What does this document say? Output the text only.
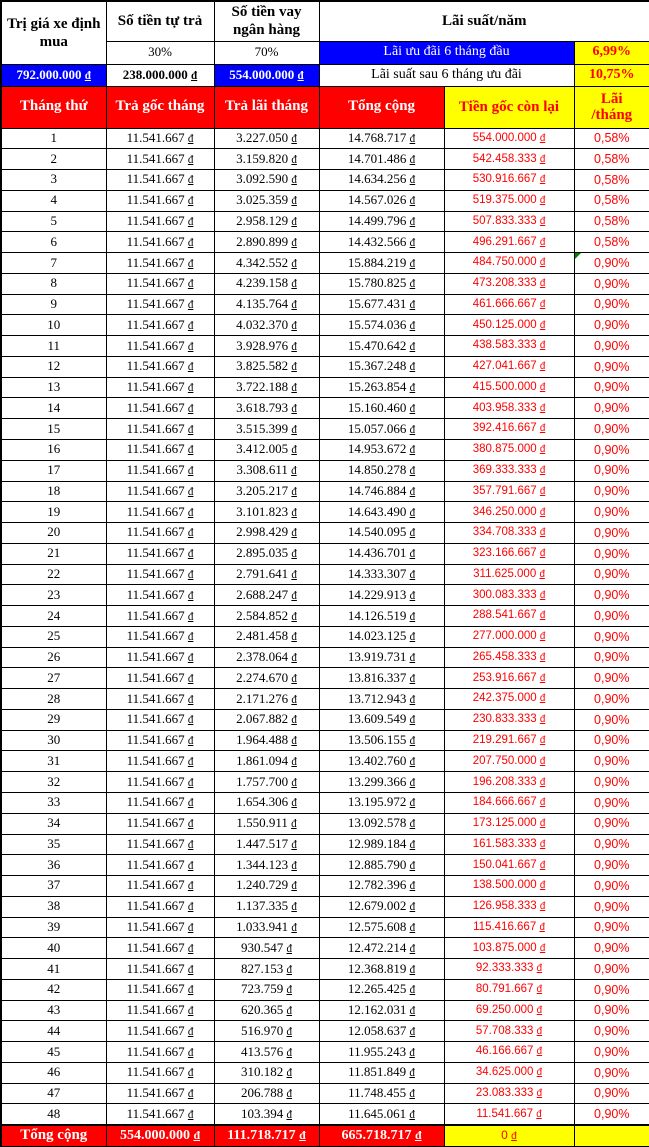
Trị giá xe định mua	Số tiền tự trả	Số tiền vay ngân hàng	Lãi suất/năm		
	30%	70%	Lãi ưu đãi 6 tháng đầu		6,99%
792.000.000 đ	238.000.000 đ	554.000.000 đ	Lãi suất sau 6 tháng ưu đãi		10,75%
Tháng thứ	Trả gốc tháng	Trả lãi tháng	Tổng cộng	Tiền gốc còn lại	Lãi
/tháng

1	11.541.667 đ	3.227.050 đ	14.768.717 đ	554.000.000 đ	0,58%
2	11.541.667 đ	3.159.820 đ	14.701.486 đ	542.458.333 đ	0,58%
3	11.541.667 đ	3.092.590 đ	14.634.256 đ	530.916.667 đ	0,58%
4	11.541.667 đ	3.025.359 đ	14.567.026 đ	519.375.000 đ	0,58%
5	11.541.667 đ	2.958.129 đ	14.499.796 đ	507.833.333 đ	0,58%
6	11.541.667 đ	2.890.899 đ	14.432.566 đ	496.291.667 đ	0,58%
7	11.541.667 đ	4.342.552 đ	15.884.219 đ	484.750.000 đ	0,90%
8	11.541.667 đ	4.239.158 đ	15.780.825 đ	473.208.333 đ	0,90%
9	11.541.667 đ	4.135.764 đ	15.677.431 đ	461.666.667 đ	0,90%
10	11.541.667 đ	4.032.370 đ	15.574.036 đ	450.125.000 đ	0,90%
11	11.541.667 đ	3.928.976 đ	15.470.642 đ	438.583.333 đ	0,90%
12	11.541.667 đ	3.825.582 đ	15.367.248 đ	427.041.667 đ	0,90%
13	11.541.667 đ	3.722.188 đ	15.263.854 đ	415.500.000 đ	0,90%
14	11.541.667 đ	3.618.793 đ	15.160.460 đ	403.958.333 đ	0,90%
15	11.541.667 đ	3.515.399 đ	15.057.066 đ	392.416.667 đ	0,90%
16	11.541.667 đ	3.412.005 đ	14.953.672 đ	380.875.000 đ	0,90%
17	11.541.667 đ	3.308.611 đ	14.850.278 đ	369.333.333 đ	0,90%
18	11.541.667 đ	3.205.217 đ	14.746.884 đ	357.791.667 đ	0,90%
19	11.541.667 đ	3.101.823 đ	14.643.490 đ	346.250.000 đ	0,90%
20	11.541.667 đ	2.998.429 đ	14.540.095 đ	334.708.333 đ	0,90%
21	11.541.667 đ	2.895.035 đ	14.436.701 đ	323.166.667 đ	0,90%
22	11.541.667 đ	2.791.641 đ	14.333.307 đ	311.625.000 đ	0,90%
23	11.541.667 đ	2.688.247 đ	14.229.913 đ	300.083.333 đ	0,90%
24	11.541.667 đ	2.584.852 đ	14.126.519 đ	288.541.667 đ	0,90%
25	11.541.667 đ	2.481.458 đ	14.023.125 đ	277.000.000 đ	0,90%
26	11.541.667 đ	2.378.064 đ	13.919.731 đ	265.458.333 đ	0,90%
27	11.541.667 đ	2.274.670 đ	13.816.337 đ	253.916.667 đ	0,90%
28	11.541.667 đ	2.171.276 đ	13.712.943 đ	242.375.000 đ	0,90%
29	11.541.667 đ	2.067.882 đ	13.609.549 đ	230.833.333 đ	0,90%
30	11.541.667 đ	1.964.488 đ	13.506.155 đ	219.291.667 đ	0,90%
31	11.541.667 đ	1.861.094 đ	13.402.760 đ	207.750.000 đ	0,90%
32	11.541.667 đ	1.757.700 đ	13.299.366 đ	196.208.333 đ	0,90%
33	11.541.667 đ	1.654.306 đ	13.195.972 đ	184.666.667 đ	0,90%
34	11.541.667 đ	1.550.911 đ	13.092.578 đ	173.125.000 đ	0,90%
35	11.541.667 đ	1.447.517 đ	12.989.184 đ	161.583.333 đ	0,90%
36	11.541.667 đ	1.344.123 đ	12.885.790 đ	150.041.667 đ	0,90%
37	11.541.667 đ	1.240.729 đ	12.782.396 đ	138.500.000 đ	0,90%
38	11.541.667 đ	1.137.335 đ	12.679.002 đ	126.958.333 đ	0,90%
39	11.541.667 đ	1.033.941 đ	12.575.608 đ	115.416.667 đ	0,90%
40	11.541.667 đ	930.547 đ	12.472.214 đ	103.875.000 đ	0,90%
41	11.541.667 đ	827.153 đ	12.368.819 đ	92.333.333 đ	0,90%
42	11.541.667 đ	723.759 đ	12.265.425 đ	80.791.667 đ	0,90%
43	11.541.667 đ	620.365 đ	12.162.031 đ	69.250.000 đ	0,90%
44	11.541.667 đ	516.970 đ	12.058.637 đ	57.708.333 đ	0,90%
45	11.541.667 đ	413.576 đ	11.955.243 đ	46.166.667 đ	0,90%
46	11.541.667 đ	310.182 đ	11.851.849 đ	34.625.000 đ	0,90%
47	11.541.667 đ	206.788 đ	11.748.455 đ	23.083.333 đ	0,90%
48	11.541.667 đ	103.394 đ	11.645.061 đ	11.541.667 đ	0,90%
Tổng cộng	554.000.000 đ	111.718.717 đ	665.718.717 đ	0 đ	
